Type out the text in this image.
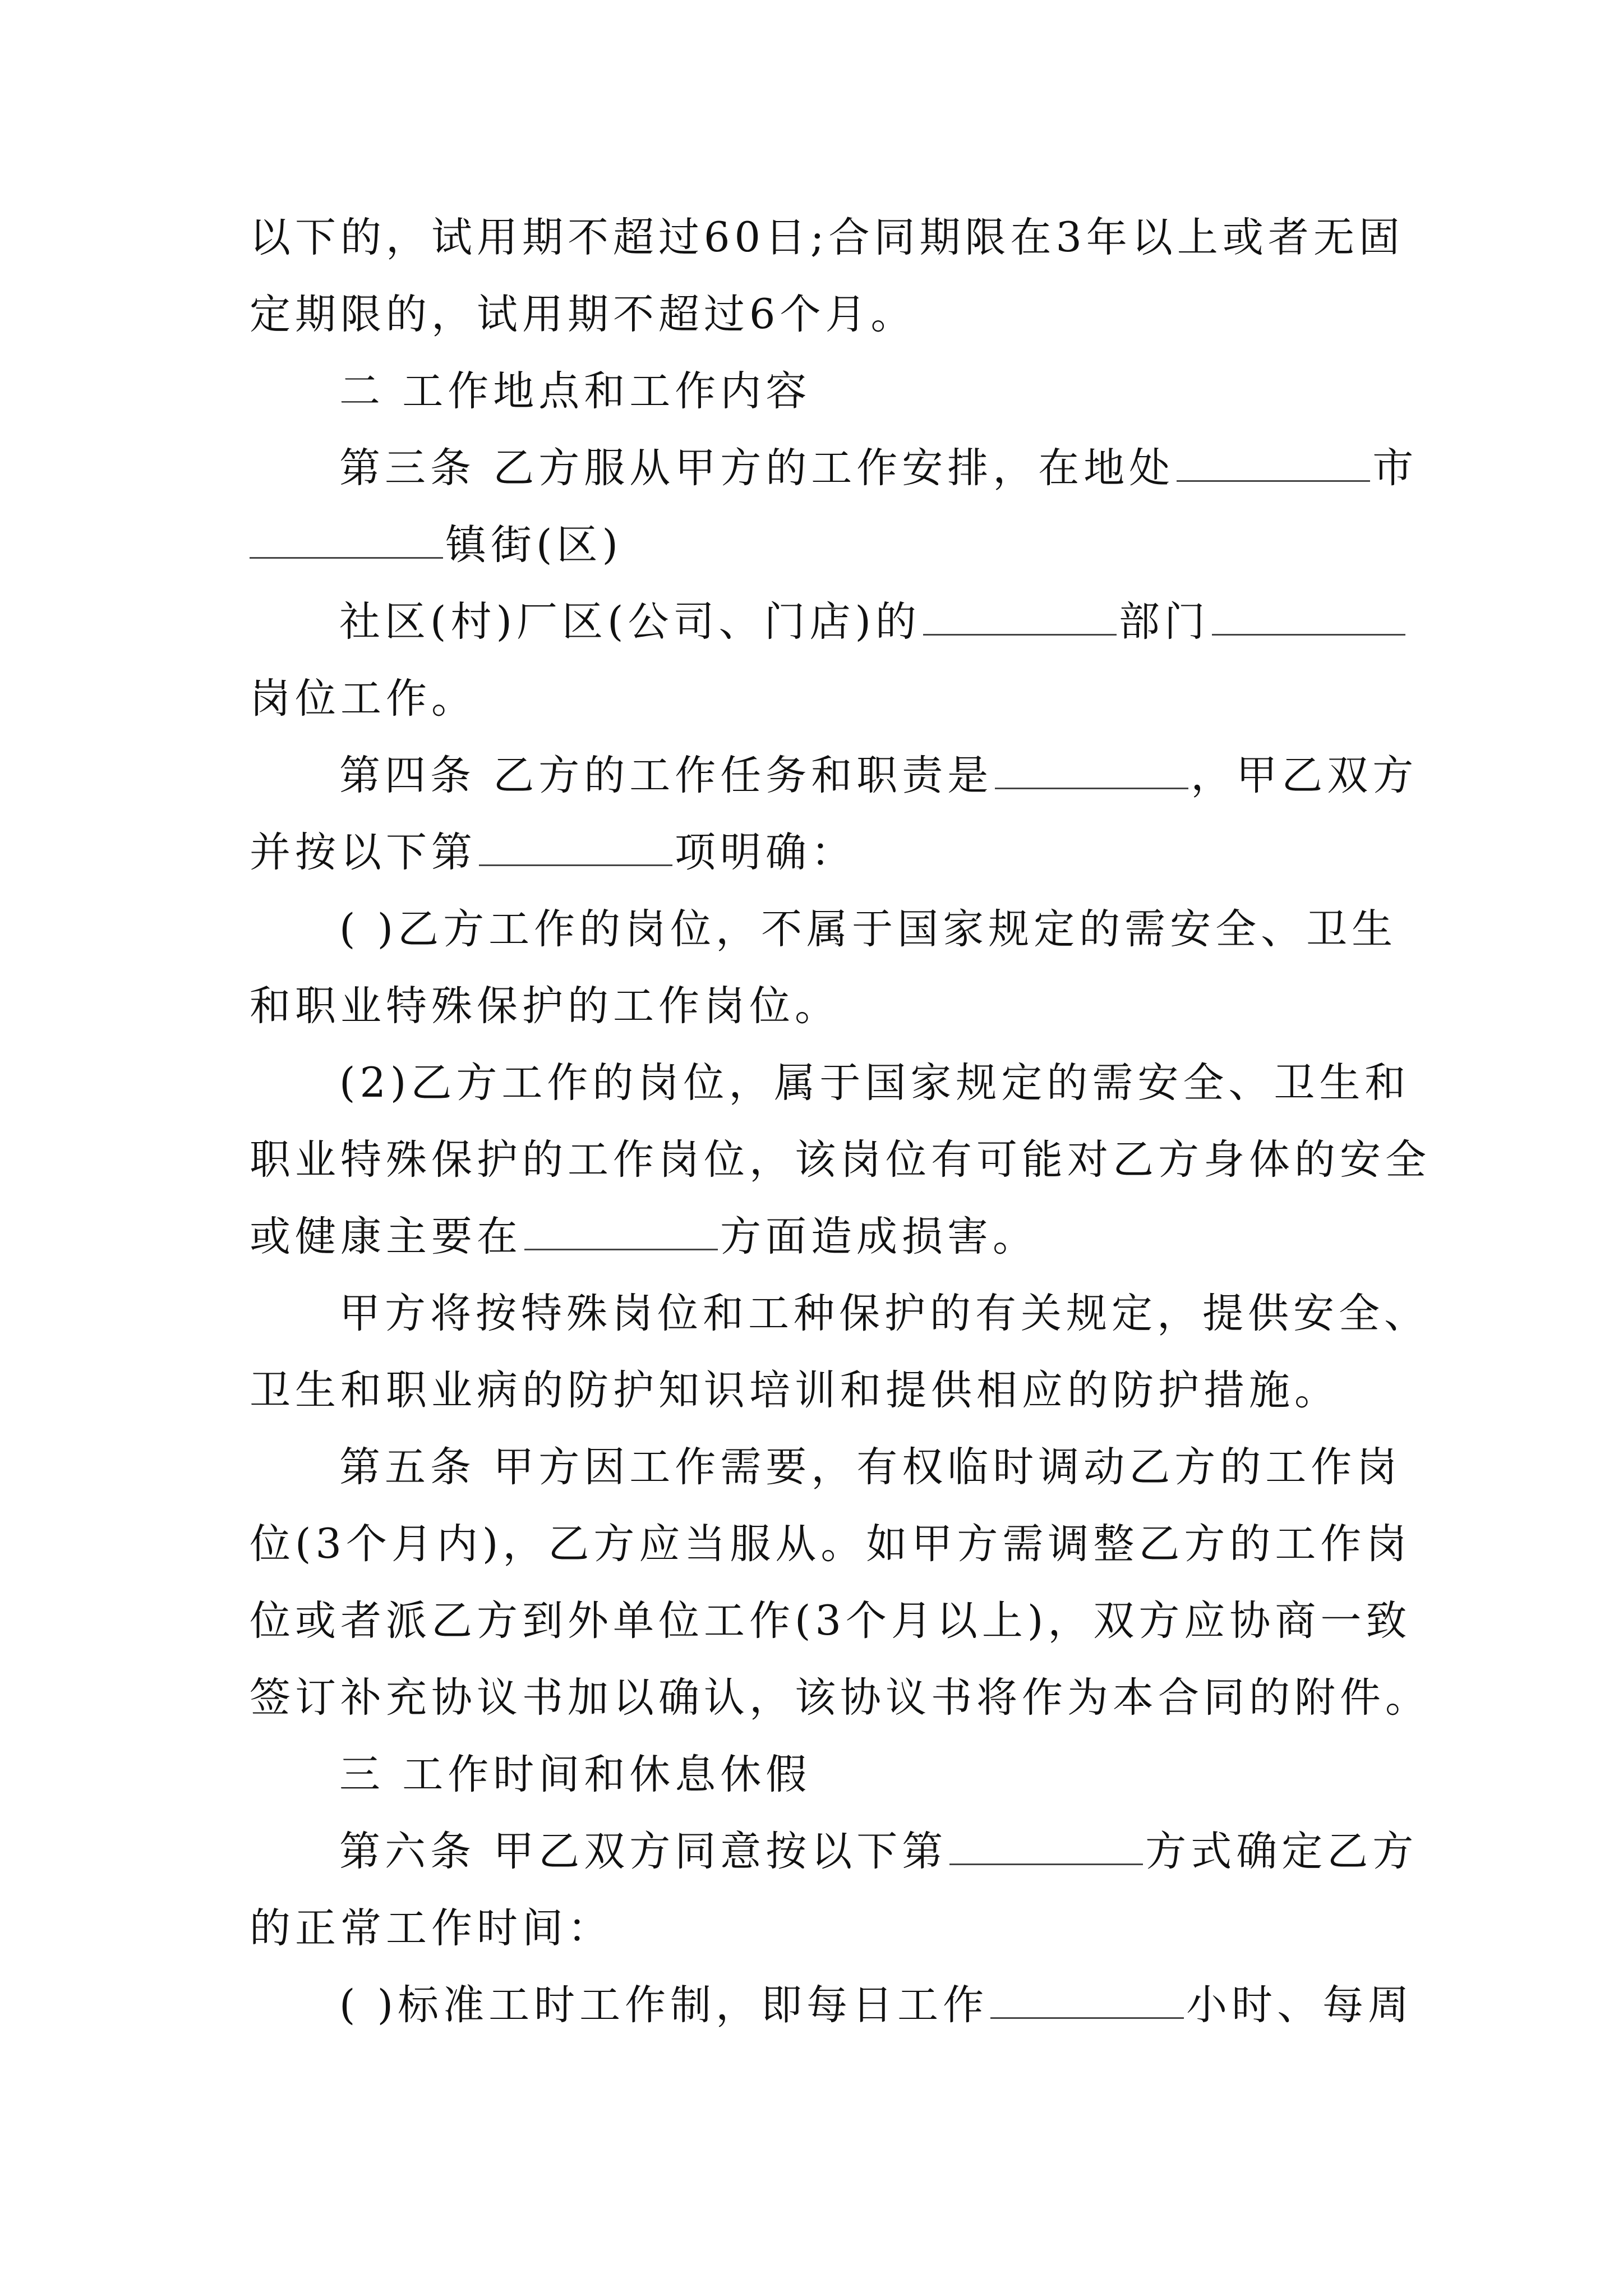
以下的，试用期不超过60日;合同期限在3年以上或者无固
定期限的，试用期不超过6个月。
二 工作地点和工作内容
第三条 乙方服从甲方的工作安排，在地处	市
镇街(区)
社区(村)厂区(公司、门店)的	部门
岗位工作。
第四条 乙方的工作任务和职责是	，甲乙双方
并按以下第	项明确：
( )乙方工作的岗位，不属于国家规定的需安全、卫生
和职业特殊保护的工作岗位。
(2)乙方工作的岗位，属于国家规定的需安全、卫生和
职业特殊保护的工作岗位，该岗位有可能对乙方身体的安全
或健康主要在	方面造成损害。
甲方将按特殊岗位和工种保护的有关规定，提供安全、
卫生和职业病的防护知识培训和提供相应的防护措施。
第五条 甲方因工作需要，有权临时调动乙方的工作岗
位(3个月内)，乙方应当服从。如甲方需调整乙方的工作岗
位或者派乙方到外单位工作(3个月以上)，双方应协商一致
签订补充协议书加以确认，该协议书将作为本合同的附件。
三 工作时间和休息休假
第六条 甲乙双方同意按以下第	方式确定乙方
的正常工作时间：
( )标准工时工作制，即每日工作	小时、每周
